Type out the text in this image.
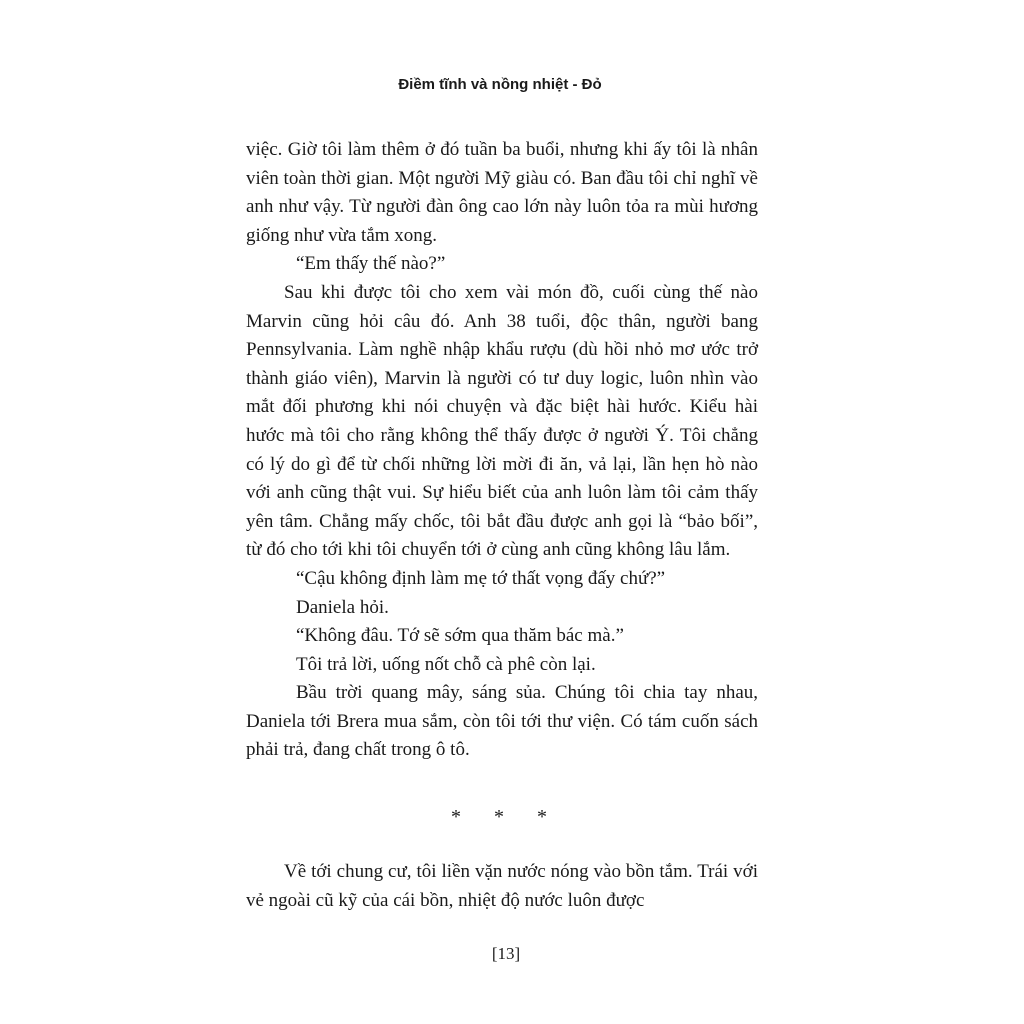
Điềm tĩnh và nồng nhiệt - Đỏ

việc. Giờ tôi làm thêm ở đó tuần ba buổi, nhưng khi ấy tôi là nhân viên toàn thời gian. Một người Mỹ giàu có. Ban đầu tôi chỉ nghĩ về anh như vậy. Từ người đàn ông cao lớn này luôn tỏa ra mùi hương giống như vừa tắm xong.

“Em thấy thế nào?”

Sau khi được tôi cho xem vài món đồ, cuối cùng thế nào Marvin cũng hỏi câu đó. Anh 38 tuổi, độc thân, người bang Pennsylvania. Làm nghề nhập khẩu rượu (dù hồi nhỏ mơ ước trở thành giáo viên), Marvin là người có tư duy logic, luôn nhìn vào mắt đối phương khi nói chuyện và đặc biệt hài hước. Kiểu hài hước mà tôi cho rằng không thể thấy được ở người Ý. Tôi chẳng có lý do gì để từ chối những lời mời đi ăn, vả lại, lần hẹn hò nào với anh cũng thật vui. Sự hiểu biết của anh luôn làm tôi cảm thấy yên tâm. Chẳng mấy chốc, tôi bắt đầu được anh gọi là “bảo bối”, từ đó cho tới khi tôi chuyển tới ở cùng anh cũng không lâu lắm.

“Cậu không định làm mẹ tớ thất vọng đấy chứ?”

Daniela hỏi.

“Không đâu. Tớ sẽ sớm qua thăm bác mà.”

Tôi trả lời, uống nốt chỗ cà phê còn lại.

Bầu trời quang mây, sáng sủa. Chúng tôi chia tay nhau, Daniela tới Brera mua sắm, còn tôi tới thư viện. Có tám cuốn sách phải trả, đang chất trong ô tô.

* * *

Về tới chung cư, tôi liền vặn nước nóng vào bồn tắm. Trái với vẻ ngoài cũ kỹ của cái bồn, nhiệt độ nước luôn được

[13]
